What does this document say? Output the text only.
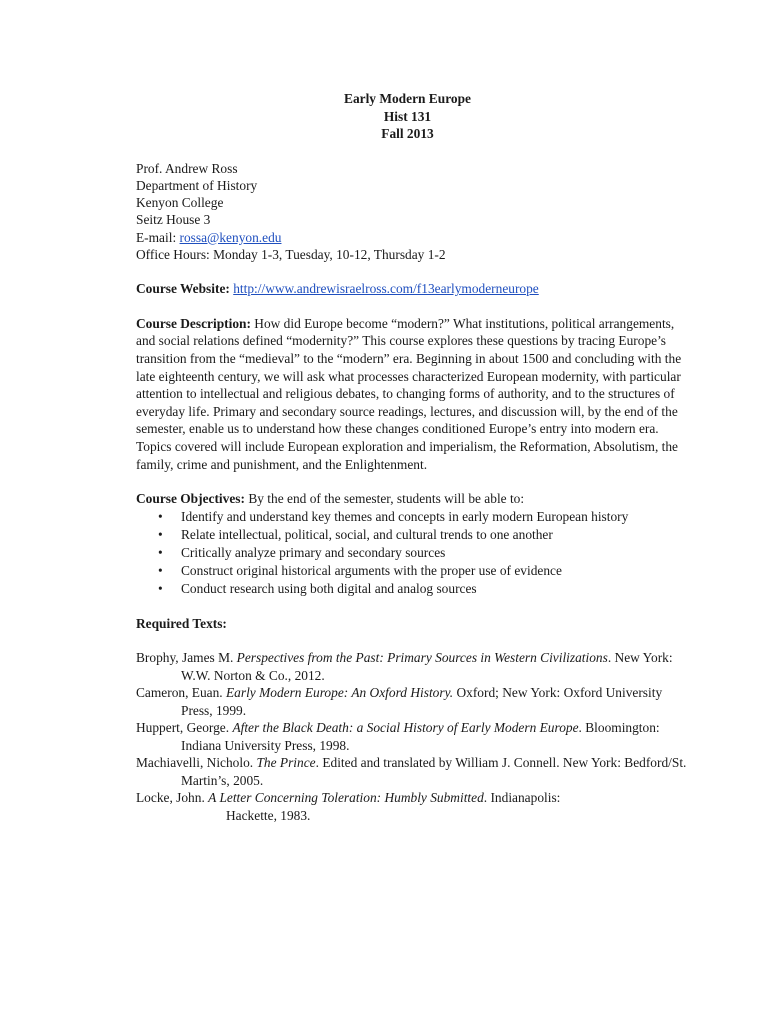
Early Modern Europe
Hist 131
Fall 2013
Prof. Andrew Ross
Department of History
Kenyon College
Seitz House 3
E-mail: rossa@kenyon.edu
Office Hours: Monday 1-3, Tuesday, 10-12, Thursday 1-2
Course Website: http://www.andrewisraelross.com/f13earlymoderneurope
Course Description: How did Europe become “modern?” What institutions, political arrangements, and social relations defined “modernity?” This course explores these questions by tracing Europe’s transition from the “medieval” to the “modern” era. Beginning in about 1500 and concluding with the late eighteenth century, we will ask what processes characterized European modernity, with particular attention to intellectual and religious debates, to changing forms of authority, and to the structures of everyday life. Primary and secondary source readings, lectures, and discussion will, by the end of the semester, enable us to understand how these changes conditioned Europe’s entry into modern era. Topics covered will include European exploration and imperialism, the Reformation, Absolutism, the family, crime and punishment, and the Enlightenment.
Course Objectives: By the end of the semester, students will be able to:
• Identify and understand key themes and concepts in early modern European history
• Relate intellectual, political, social, and cultural trends to one another
• Critically analyze primary and secondary sources
• Construct original historical arguments with the proper use of evidence
• Conduct research using both digital and analog sources
Required Texts:
Brophy, James M. Perspectives from the Past: Primary Sources in Western Civilizations. New York: W.W. Norton & Co., 2012.
Cameron, Euan. Early Modern Europe: An Oxford History. Oxford; New York: Oxford University Press, 1999.
Huppert, George. After the Black Death: a Social History of Early Modern Europe. Bloomington: Indiana University Press, 1998.
Machiavelli, Nicholo. The Prince. Edited and translated by William J. Connell. New York: Bedford/St. Martin’s, 2005.
Locke, John. A Letter Concerning Toleration: Humbly Submitted. Indianapolis:
Hackette, 1983.
